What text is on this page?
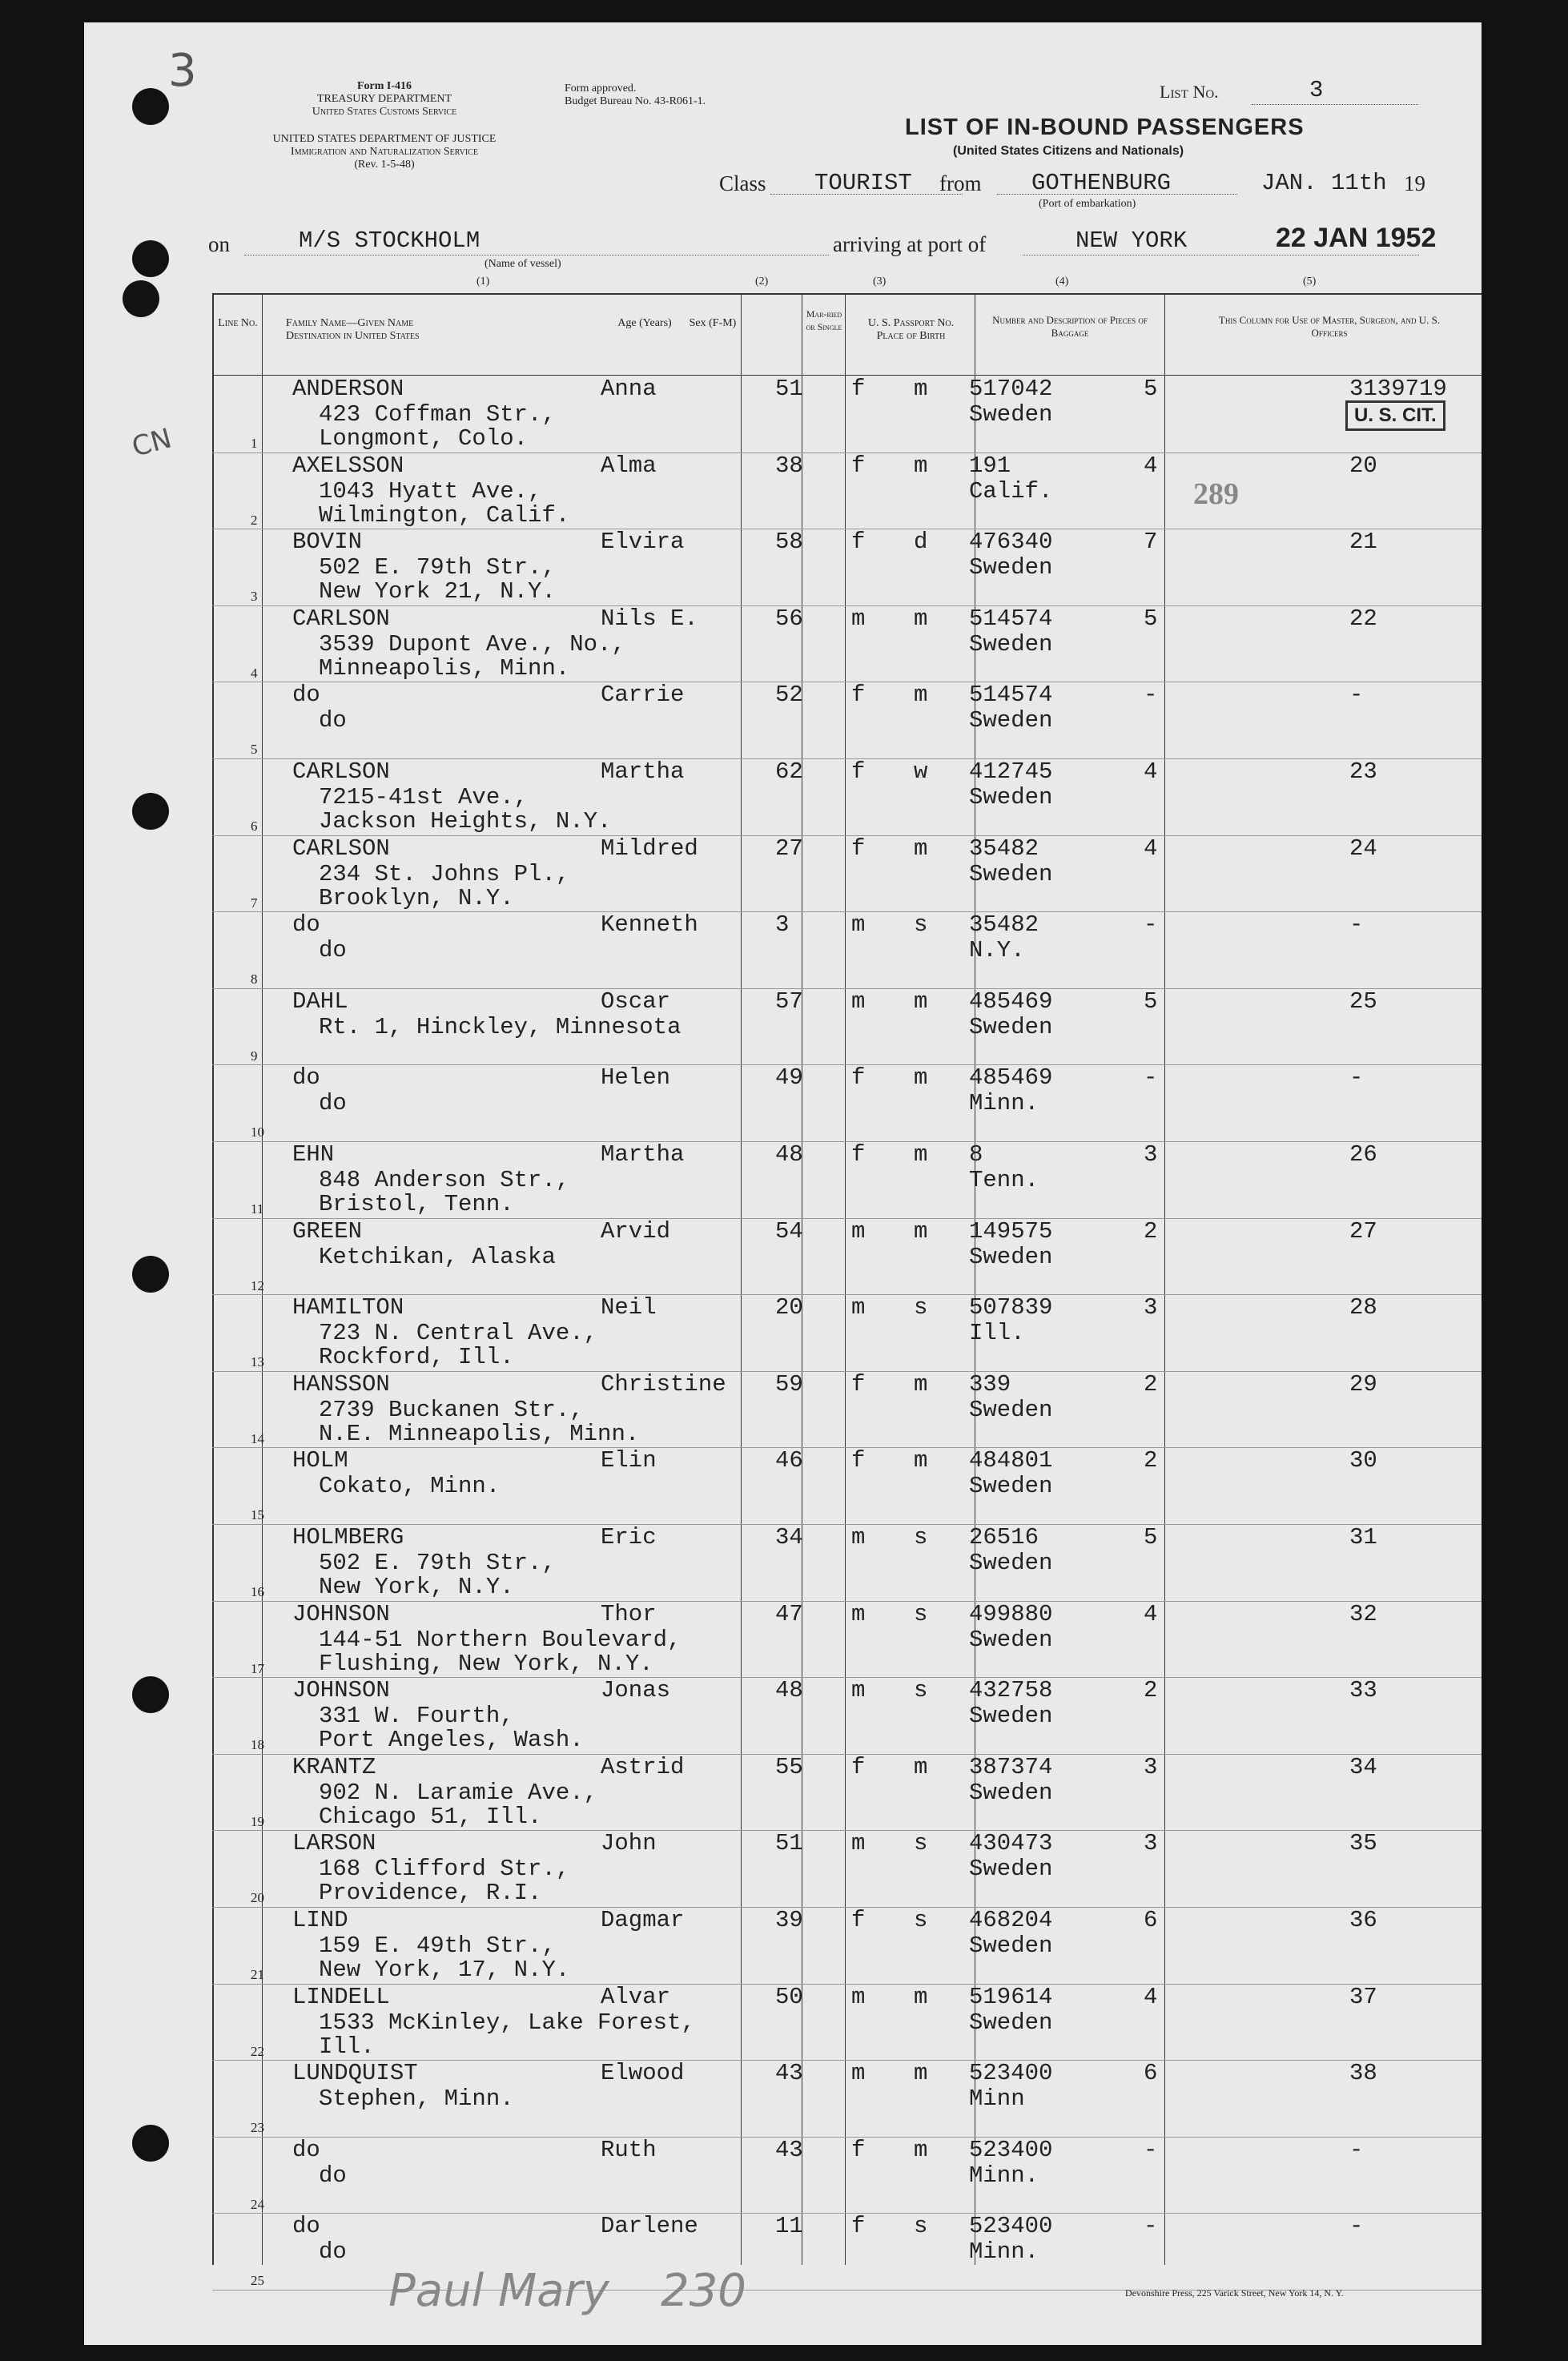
3	Form I-416
TREASURY DEPARTMENT
United States Customs Service
UNITED STATES DEPARTMENT OF JUSTICE
Immigration and Naturalization Service
(Rev. 1-5-48)
Form approved.
Budget Bureau No. 43-R061-1.	List No.	3
LIST OF IN-BOUND PASSENGERS
(United States Citizens and Nationals)
Class TOURIST from GOTHENBURG
(Port of embarkation)
JAN. 11th 19
on	M/S STOCKHOLM
(Name of vessel)
arriving at port of	NEW YORK	22 JAN 1952
(1)	(2)	(3)	(4)	(5)
Line No.	Family Name—Given Name
Destination in United States
Age (Years)	Sex (F-M)
Mar-ried or Single	U. S. Passport No.
Place of Birth
Number and Description of Pieces of Baggage
This Column for Use of Master, Surgeon, and U. S. Officers
1
ANDERSON	Anna
423 Coffman Str.,
Longmont, Colo.
51 f m 517042
Sweden
5	3139719
2
AXELSSON	Alma
1043 Hyatt Ave.,
Wilmington, Calif.
38 f m 191
Calif.
4	20
3
BOVIN	Elvira
502 E. 79th Str.,
New York 21, N.Y.
58 f d 476340
Sweden
7	21
4
CARLSON	Nils E.
3539 Dupont Ave., No.,
Minneapolis, Minn.
56 m m 514574
Sweden
5	22
5
do	Carrie
do
52 f m 514574
Sweden
-	-
6
CARLSON	Martha
7215-41st Ave.,
Jackson Heights, N.Y.
62 f w 412745
Sweden
4	23
7
CARLSON	Mildred
234 St. Johns Pl.,
Brooklyn, N.Y.
27 f m 35482
Sweden
4	24
8
do	Kenneth
do
3	m s 35482
N.Y.
-	-
9
DAHL	Oscar
Rt. 1, Hinckley, Minnesota
57 m m 485469
Sweden
5	25
10
do	Helen
do
49 f m 485469
Minn.
-	-
11
EHN	Martha
848 Anderson Str.,
Bristol, Tenn.
48 f m 8
Tenn.
3	26
12
GREEN	Arvid
Ketchikan, Alaska
54 m m 149575
Sweden
2	27
13
HAMILTON	Neil
723 N. Central Ave.,
Rockford, Ill.
20 m s 507839
Ill.
3	28
14
HANSSON	Christine
2739 Buckanen Str.,
N.E. Minneapolis, Minn.
59 f m 339
Sweden
2	29
15
HOLM	Elin
Cokato, Minn.
46 f m 484801
Sweden
2	30
16
HOLMBERG	Eric
502 E. 79th Str.,
New York, N.Y.
34 m s 26516
Sweden
5	31
17
JOHNSON	Thor
144-51 Northern Boulevard,
Flushing, New York, N.Y.
47 m s 499880
Sweden
4	32
18
JOHNSON	Jonas
331 W. Fourth,
Port Angeles, Wash.
48 m s 432758
Sweden
2	33
19
KRANTZ	Astrid
902 N. Laramie Ave.,
Chicago 51, Ill.
55 f m 387374
Sweden
3	34
20
LARSON	John
168 Clifford Str.,
Providence, R.I.
51 m s 430473
Sweden
3	35
21
LIND	Dagmar
159 E. 49th Str.,
New York, 17, N.Y.
39 f s 468204
Sweden
6	36
22
LINDELL	Alvar
1533 McKinley, Lake Forest,
Ill.
50 m m 519614
Sweden
4	37
23
LUNDQUIST	Elwood
Stephen, Minn.
43 m m 523400
Minn
6	38
24
do	Ruth
do
43 f m 523400
Minn.
-	-
25
do	Darlene
do
11 f s 523400
Minn.
-	-
U. S. CIT.
289
CN
Devonshire Press, 225 Varick Street, New York 14, N. Y.
Paul Mary 230
